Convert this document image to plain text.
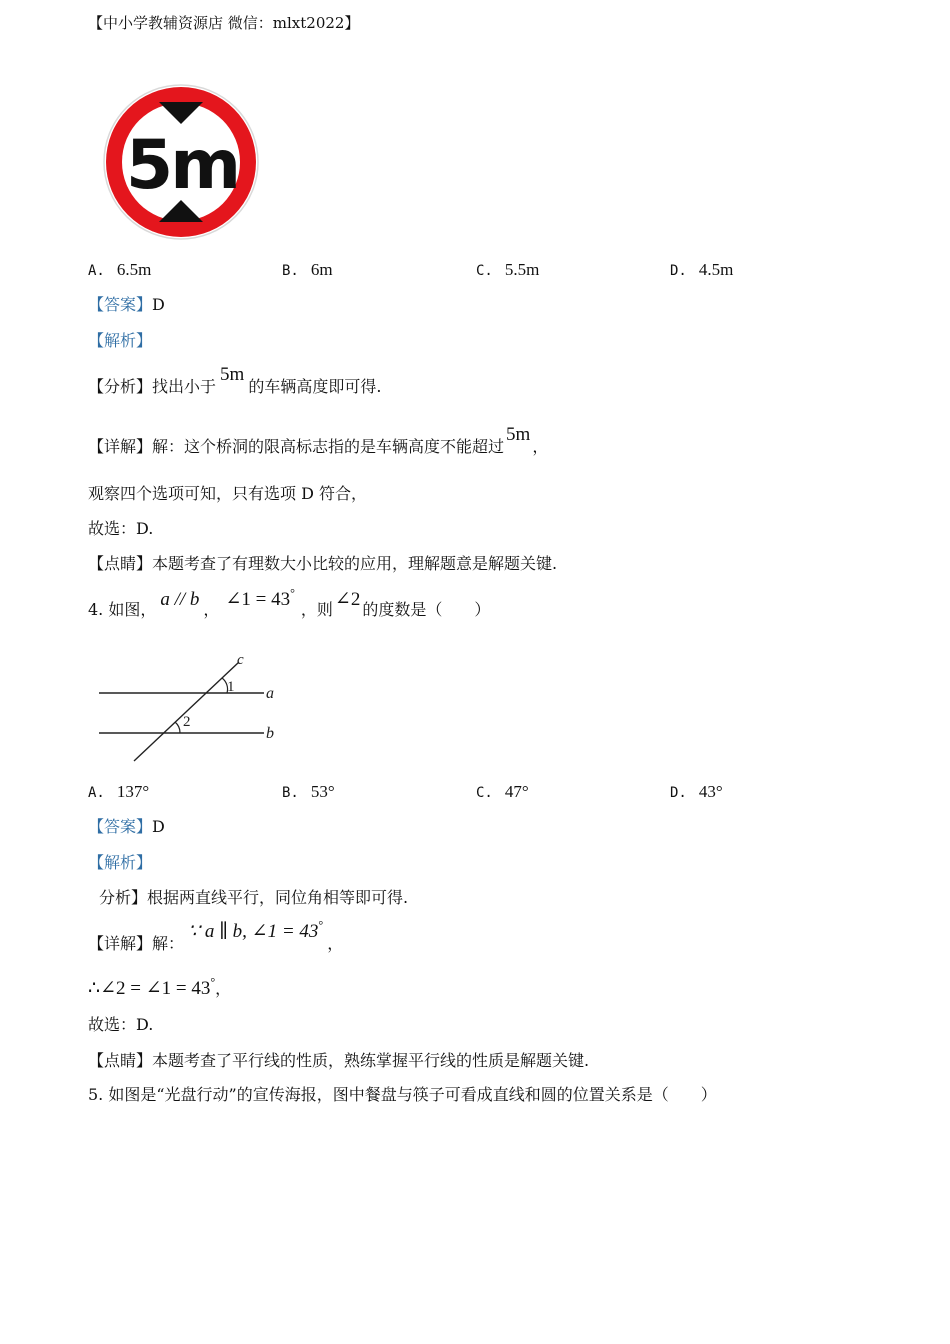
【中小学教辅资源店 微信：mlxt2022】
5m
A. 6.5m	B. 6m	C. 5.5m	D. 4.5m
【答案】D
【解析】
【分析】找出小于5m的车辆高度即可得.
【详解】解：这个桥洞的限高标志指的是车辆高度不能超过5m，
观察四个选项可知，只有选项 D 符合，
故选：D.
【点睛】本题考查了有理数大小比较的应用，理解题意是解题关键.
4. 如图， a // b ， ∠1 = 43°，则 ∠2 的度数是（　　）
c
1 a
2
b
A. 137°	B. 53°	C. 47°	D. 43°
【答案】D
【解析】
分析】根据两直线平行，同位角相等即可得.
【详解】解：∵ a ∥ b, ∠1 = 43°，
∴∠2 = ∠1 = 43°，
故选：D.
【点睛】本题考查了平行线的性质，熟练掌握平行线的性质是解题关键.
5. 如图是“光盘行动”的宣传海报，图中餐盘与筷子可看成直线和圆的位置关系是（　　）
